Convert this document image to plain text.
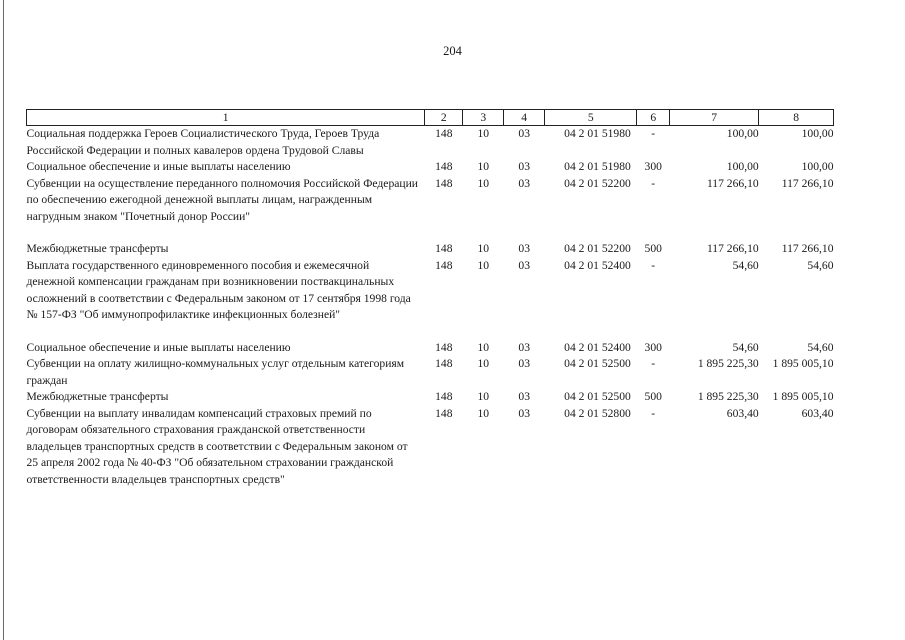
204
1	2	3	4	5	6	7	8
Социальная поддержка Героев Социалистического Труда, Героев Труда Российской Федерации и полных кавалеров ордена Трудовой Славы	148	10	03	04 2 01 51980	-	100,00	100,00
Социальное обеспечение и иные выплаты населению	148	10	03	04 2 01 51980	300	100,00	100,00
Субвенции на осуществление переданного полномочия Российской Федерации по обеспечению ежегодной денежной выплаты лицам, награжденным нагрудным знаком "Почетный донор России"	148	10	03	04 2 01 52200	-	117 266,10	117 266,10

Межбюджетные трансферты	148	10	03	04 2 01 52200	500	117 266,10	117 266,10
Выплата государственного единовременного пособия и ежемесячной денежной компенсации гражданам при возникновении поствакцинальных осложнений в соответствии с Федеральным законом от 17 сентября 1998 года № 157-ФЗ "Об иммунопрофилактике инфекционных болезней"	148	10	03	04 2 01 52400	-	54,60	54,60

Социальное обеспечение и иные выплаты населению	148	10	03	04 2 01 52400	300	54,60	54,60
Субвенции на оплату жилищно-коммунальных услуг отдельным категориям граждан	148	10	03	04 2 01 52500	-	1 895 225,30	1 895 005,10
Межбюджетные трансферты	148	10	03	04 2 01 52500	500	1 895 225,30	1 895 005,10
Субвенции на выплату инвалидам компенсаций страховых премий по договорам обязательного страхования гражданской ответственности владельцев транспортных средств в соответствии с Федеральным законом от 25 апреля 2002 года № 40-ФЗ "Об обязательном страховании гражданской ответственности владельцев транспортных средств"	148	10	03	04 2 01 52800	-	603,40	603,40
